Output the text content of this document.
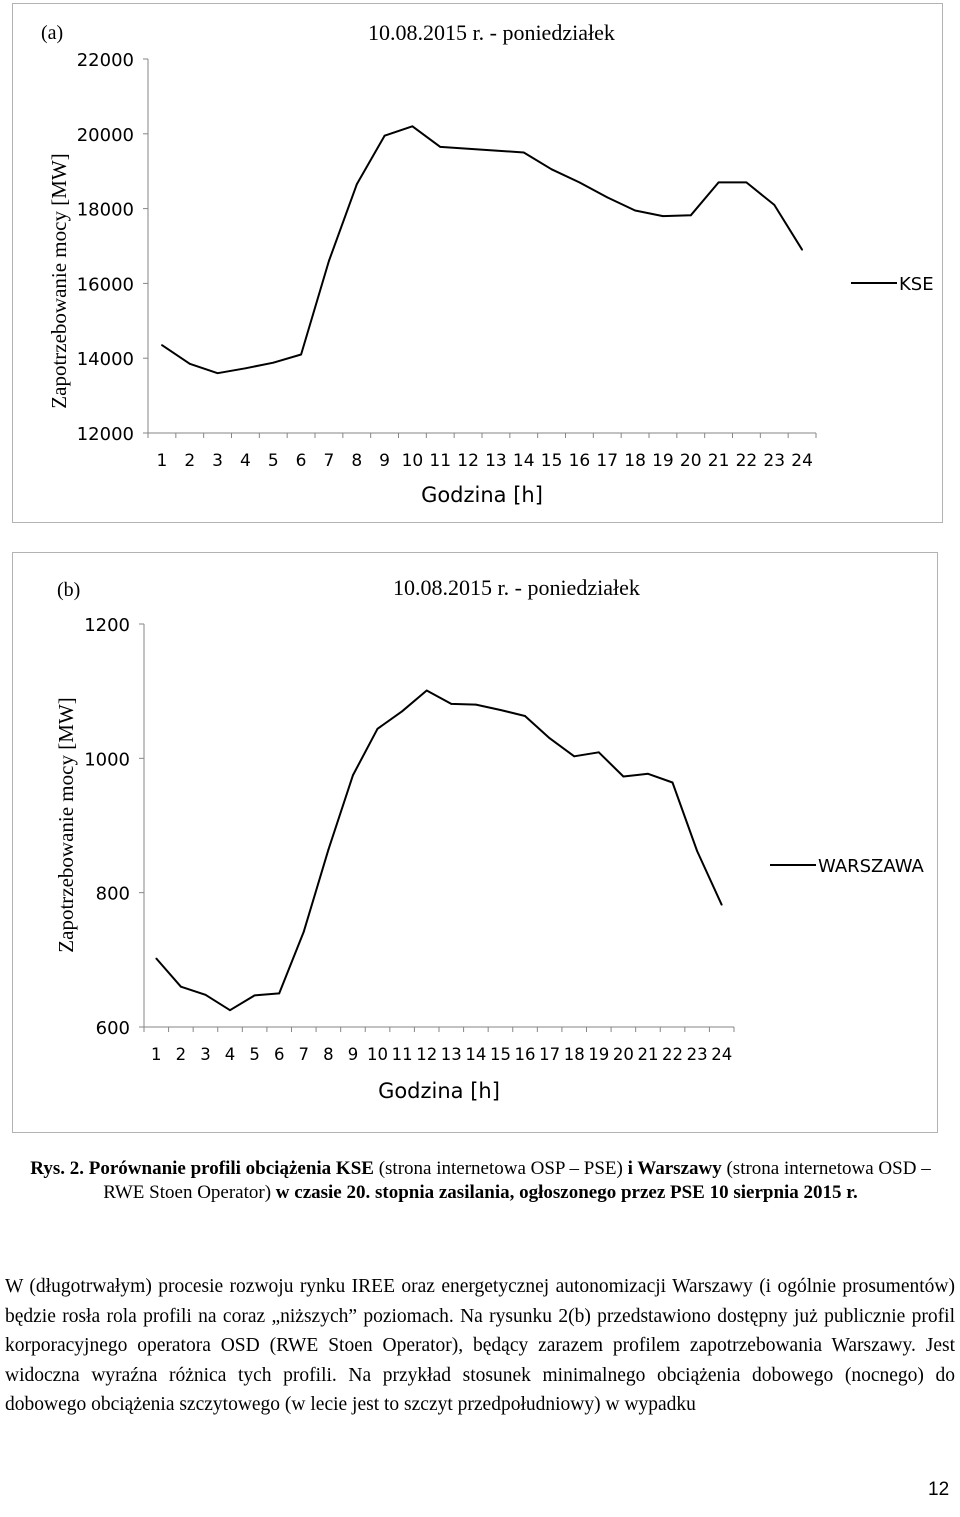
(a)	10.08.2015 r. - poniedziałek
12000
14000
16000
18000
20000
22000
1 2 3 4 5 6 7 8 9 10 11 12 13 14 15 16 17 18 19 20 21 22 23 24
Godzina [h]
Zapotrzebowanie mocy [MW]	KSE
(b)	10.08.2015 r. - poniedziałek
600
800
1000
1200
1 2 3 4 5 6 7 8 9 10 11 12 13 14 15 16 17 18 19 20 21 22 23 24
Godzina [h]
Zapotrzebowanie mocy [MW]	WARSZAWA
Rys. 2. Porównanie profili obciążenia KSE (strona internetowa OSP – PSE) i Warszawy (strona internetowa OSD – RWE Stoen Operator) w czasie 20. stopnia zasilania, ogłoszonego przez PSE 10 sierpnia 2015 r.
W (długotrwałym) procesie rozwoju rynku IREE oraz energetycznej autonomizacji Warszawy (i ogólnie prosumentów) będzie rosła rola profili na coraz „niższych” poziomach. Na rysunku 2(b) przedstawiono dostępny już publicznie profil korporacyjnego operatora OSD (RWE Stoen Operator), będący zarazem profilem zapotrzebowania Warszawy. Jest widoczna wyraźna różnica tych profili. Na przykład stosunek minimalnego obciążenia dobowego (nocnego) do dobowego obciążenia szczytowego (w lecie jest to szczyt przedpołudniowy) w wypadku
12
